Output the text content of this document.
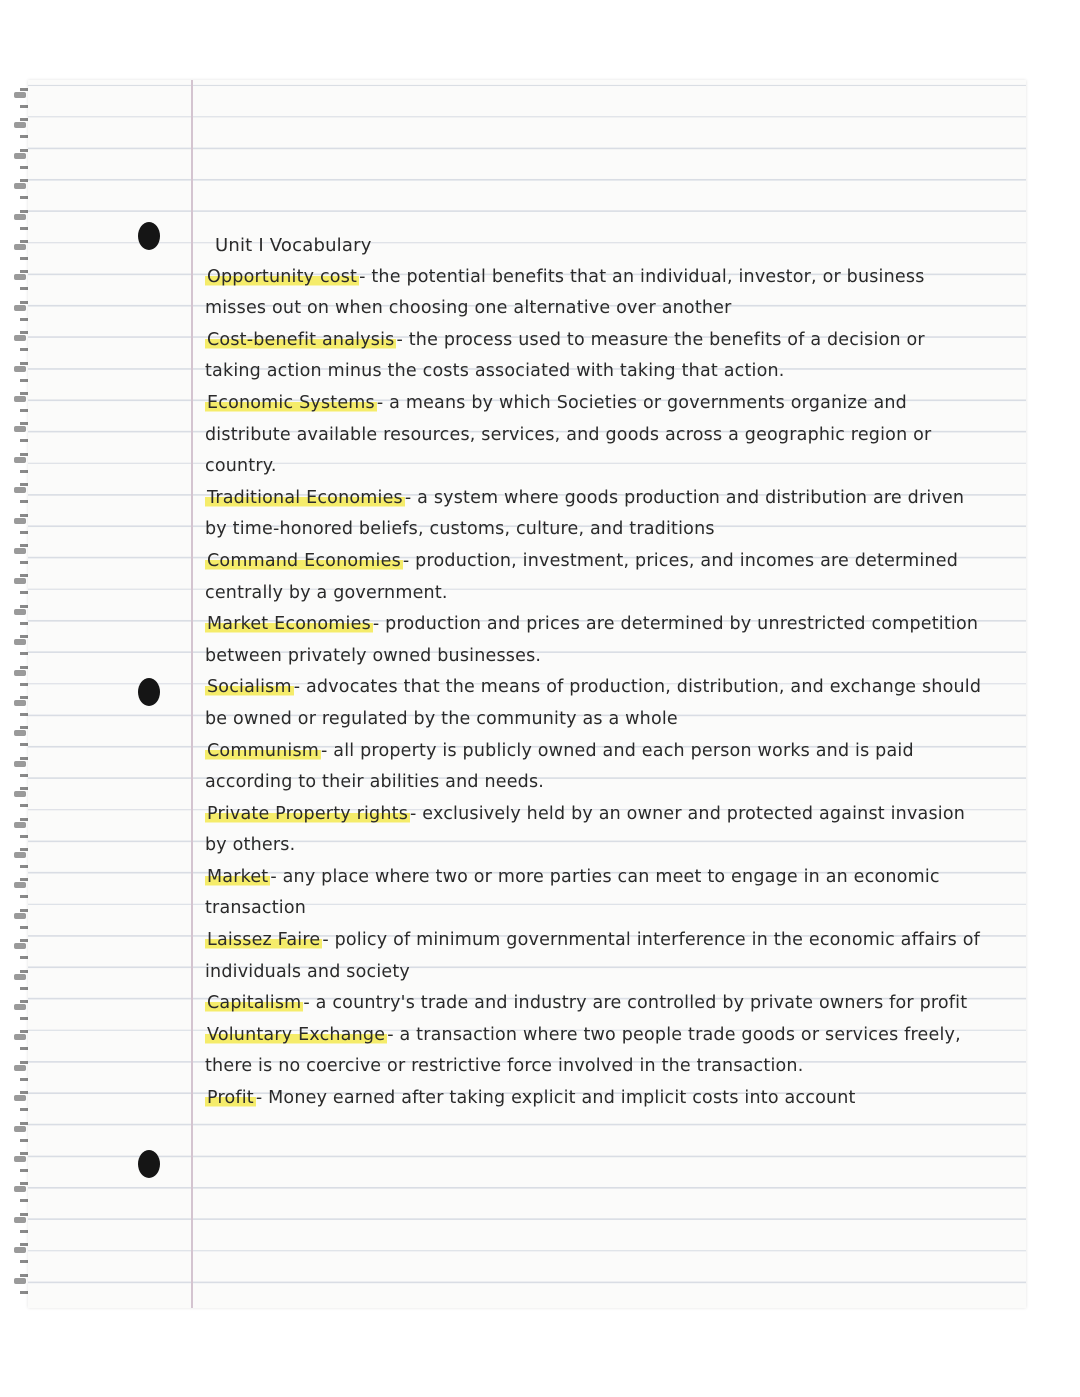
Unit I Vocabulary

Opportunity cost - the potential benefits that an individual, investor, or business misses out on when choosing one alternative over another

Cost-benefit analysis - the process used to measure the benefits of a decision or taking action minus the costs associated with taking that action.

Economic Systems - a means by which Societies or governments organize and distribute available resources, services, and goods across a geographic region or country.

Traditional Economies - a system where goods production and distribution are driven by time-honored beliefs, customs, culture, and traditions

Command Economies - production, investment, prices, and incomes are determined centrally by a government.

Market Economies - production and prices are determined by unrestricted competition between privately owned businesses.

Socialism - advocates that the means of production, distribution, and exchange should be owned or regulated by the community as a whole

Communism - all property is publicly owned and each person works and is paid according to their abilities and needs.

Private Property rights - exclusively held by an owner and protected against invasion by others.

Market - any place where two or more parties can meet to engage in an economic transaction

Laissez Faire - policy of minimum governmental interference in the economic affairs of individuals and society

Capitalism - a country's trade and industry are controlled by private owners for profit

Voluntary Exchange - a transaction where two people trade goods or services freely, there is no coercive or restrictive force involved in the transaction.

Profit - Money earned after taking explicit and implicit costs into account
